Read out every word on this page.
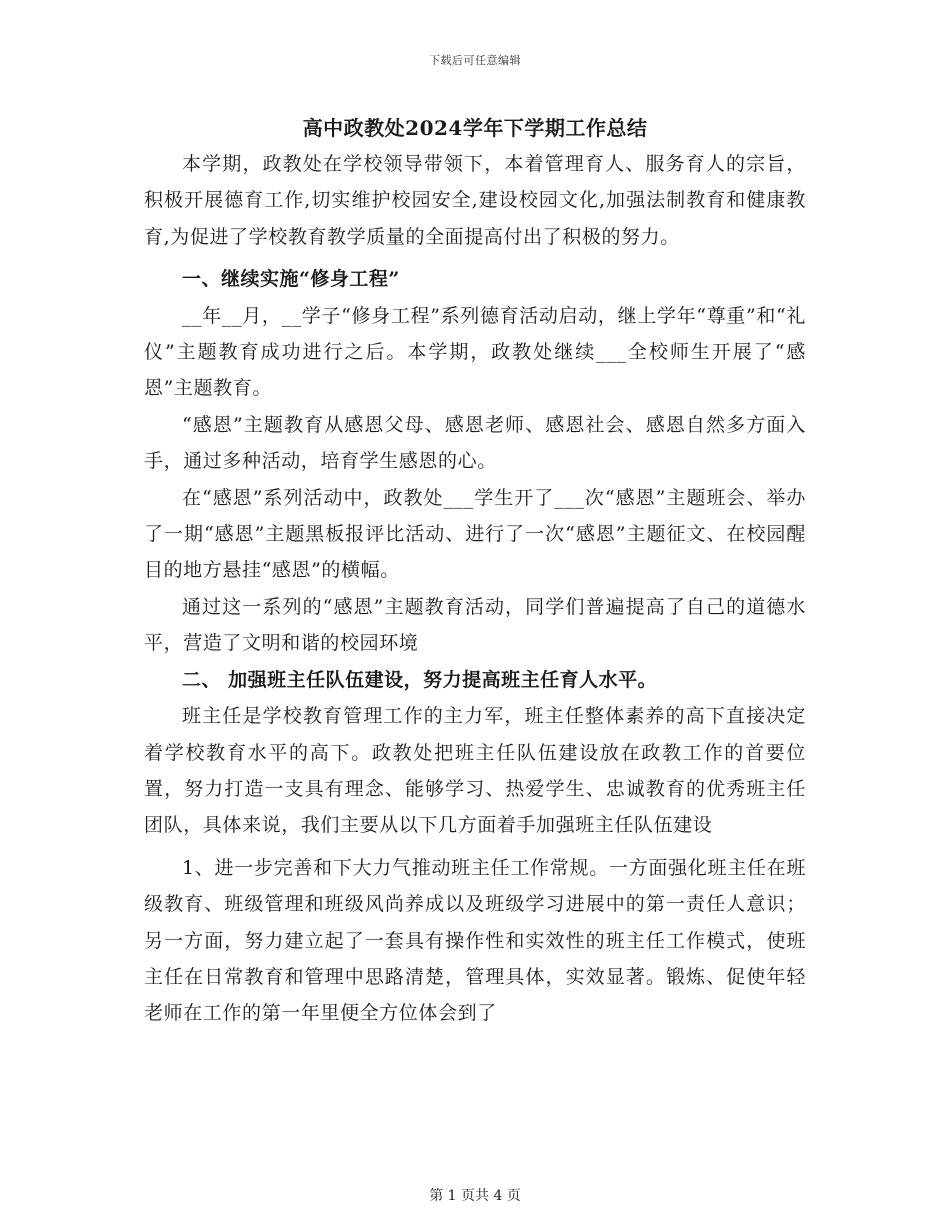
下载后可任意编辑
高中政教处2024学年下学期工作总结

本学期，政教处在学校领导带领下，本着管理育人、服务育人的宗旨，积极开展德育工作,切实维护校园安全,建设校园文化,加强法制教育和健康教育,为促进了学校教育教学质量的全面提高付出了积极的努力。

一、继续实施“修身工程”

__年__月，__学子“修身工程”系列德育活动启动，继上学年“尊重”和“礼仪”主题教育成功进行之后。本学期，政教处继续___全校师生开展了“感恩”主题教育。

“感恩”主题教育从感恩父母、感恩老师、感恩社会、感恩自然多方面入手，通过多种活动，培育学生感恩的心。

在“感恩”系列活动中，政教处___学生开了___次“感恩”主题班会、举办了一期“感恩”主题黑板报评比活动、进行了一次“感恩”主题征文、在校园醒目的地方悬挂“感恩”的横幅。

通过这一系列的“感恩”主题教育活动，同学们普遍提高了自己的道德水平，营造了文明和谐的校园环境

二、 加强班主任队伍建设，努力提高班主任育人水平。

班主任是学校教育管理工作的主力军，班主任整体素养的高下直接决定着学校教育水平的高下。政教处把班主任队伍建设放在政教工作的首要位置，努力打造一支具有理念、能够学习、热爱学生、忠诚教育的优秀班主任团队，具体来说，我们主要从以下几方面着手加强班主任队伍建设

1、进一步完善和下大力气推动班主任工作常规。一方面强化班主任在班级教育、班级管理和班级风尚养成以及班级学习进展中的第一责任人意识；另一方面，努力建立起了一套具有操作性和实效性的班主任工作模式，使班主任在日常教育和管理中思路清楚，管理具体，实效显著。锻炼、促使年轻老师在工作的第一年里便全方位体会到了

第 1 页共 4 页
